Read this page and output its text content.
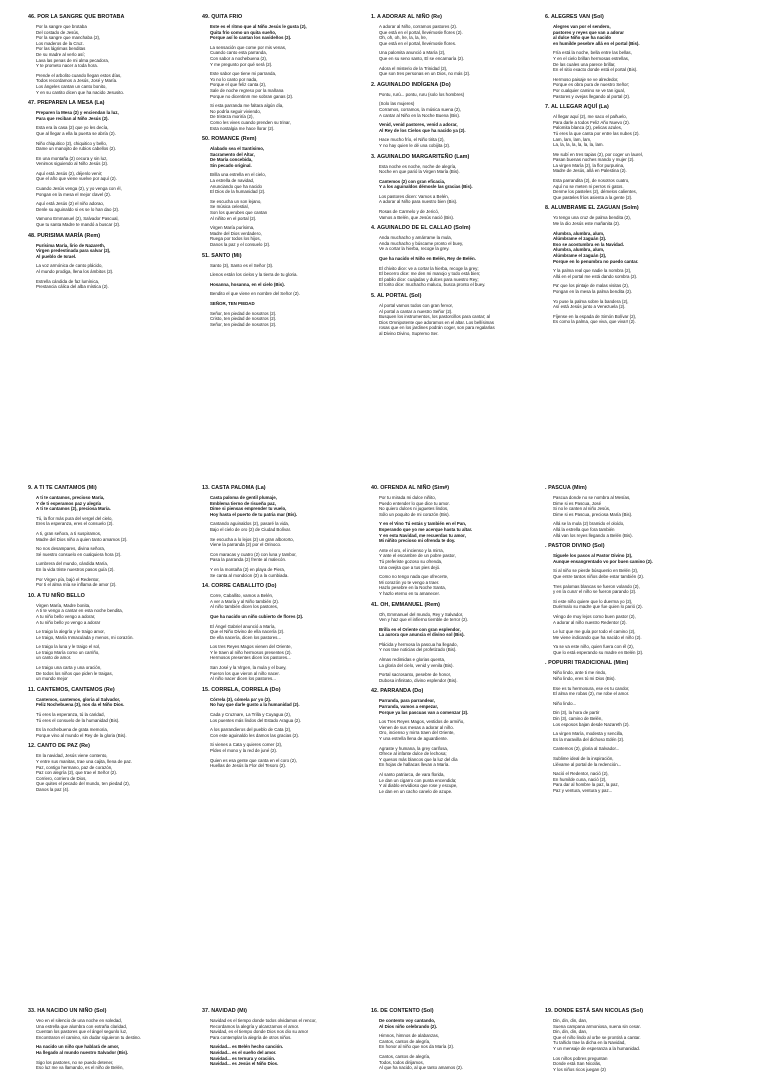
46. POR LA SANGRE QUE BROTABA
Por la sangre que brotaba
Del costado de Jesús,
Por la sangre que manchaba (2),
Los maderos de la Cruz.
Por las lágrimas benditas
De su madre al verlo así;
Lava las penas de mi alma pecadora,
Y te prometo nacer a toda hora.
Prende el arbolito cuando llegan estos días,
Todos recordamos a Jesús, José y María.
Los ángeles cantan un canto bonito,
Y en su cantito dicen que ha nacido Jesusito.
47. PREPAREN LA MESA (La)
Preparen la Mesa (2) y enciendan la luz,
Para que reciban al Niño Jesús (2).
Esta era la casa (2) que yo les decía,
Que al llegar a ella la puerta se abría (2).
Niño chiquitico (2), chiquitico y bello,
Dame un manojito de rubios cabellos (2).
En una montaña (2) cecura y sin luz,
Venimos siguiendo al Niño Jesús (2).
Aquí está Jesús (2), déjenlo venir;
Que el año que viene vuelve por aquí (2).
Cuando Jesús venga (2), y yo venga con él,
Pongan en la mesa el mejor clavel (2).
Aquí está Jesús (2) el niño adorao,
Denle su aguinaldo si es se lo han dao (2).
Vamono Emmanuel (2), Salvador Pascual,
Que tu santa Madre te mandó a buscar (2).
48. PURISIMA MARÍA (Rem)
Purísima María, lirio de Nazareth,
Virgen predestinada para salvar (2),
Al pueblo de Israel.
La voz armónica de canto plácido,
Al mundo prodiga, llena los ámbitos (2).
Estrella cándida de faz lumínica,
Prestancia cálica del alba mística (2).
49. QUITA FRIO
Este es el ritmo que al Niño Jesús le gusta (2),
Quita frío como un quita sueño,
Porque así lo cantan los navideños (2).
La sensación que come por mis venas,
Cuando canto esta parranda,
Con sabor a nochebuena (2),
Y me pregunto por qué será (2).
Este sabor que tiene mi parranda,
Yo no lo canto por nada,
Porque el que feliz canta (2),
Sale de noche regreso por la mañana
Porque no dicentinm me sobran ganas (2).
Si esta parranda me faltara algún día,
No podría seguir viviendo,
De tristeza moriría (2),
Como les vives cuando prenden su trinar,
Esta nostalgia me hace llorar (2).
50. ROMANCE (Rem)
Alabado sea el Santísimo,
Sacramento del Altar,
De María concebida,
Sin pecado original.
Brilla una estrella en el cielo,
La estrella de navidad,
Anunciando que ha nacido
El Dios de la humanidad (2).
Se escucha un son lejano,
Se música celestial,
Son los querubes que cantan
Al niñito en el portal (2).
Virgen María purísima,
Madre del Dios verdadero,
Ruega por todos los hijos,
Danos la paz y el consuelo (2).
51. SANTO (Mi)
Santo (3), Santo es el Señor (3).
Llenos están los cielos y la tierra de tu gloria.
Hosanna, hosanna, en el cielo (Bis).
Bendito el que viene en nombre del Señor (2).
SEÑOR, TEN PIEDAD
Señor, ten piedad de nosotros (2).
Cristo, ten piedad de nosotros (2).
Señor, ten piedad de nosotros (2).
1. A ADORAR AL NIÑO (Re)
A adorar al Niño, corramos pastores (2).
Que está en el portal, llevémosle flores (2).
Oh, oh, oh, lre, la, la, lre,
Que está en el portal, llevémosle flores.
Una palomita anunció a María (2),
Que en su seno santo, El se encarnaría (2).
Adora el misterio de la Trinidad (2),
Que son tres personas en un Dios, no más (2).
2. AGUINALDO INDÍGENA (Do)
Pontu, rurú... pontu, ruru (solo los hombres)
(Solo las mujeres)
Corramos, corramos, la música suena (2),
A cantar al Niño en la Noche Buena (Bis).
Venid, venid pastores, venid a adorar,
Al Rey de los Cielos que ha nacido ya (2).
Hace mucho frío, el Niño tirita (2),
Y no hay quien le dé una cobijita (2).
3. AGUINALDO MARGARITEÑO (Lam)
Esta noche es noche, noche de alegría,
Noche en que parió la Virgen María (Bis).
Cantemos (2) con gran eficacia,
Y a los aguinaldos démosle las gracias (Bis).
Los pastores dicen: Vamos a Belén,
A adorar al Niño para nuestro bien (Bis).
Rosas de Carmelo y de Jericó,
Vamos a Belén, que Jesús nació (Bis).
4. AGUINALDO DE EL CALLAO (Solm)
Anda muchacho y amárrame la mula,
Anda muchacho y búscame pronto el buey,
Ve a cortar la hierba, recoge la grey.
Que ha nacido el Niño en Belén, Rey de Belén.
El chivito dice: ve a cortar la hierba, recoge la grey;
El becerro dice: me den mi manojo y todo está bien;
El pabilo dice: cuajadas y dulces para nuestro Rey;
El torito dice: muchacho malucu, busca pronto el buey.
5. AL PORTAL (Sol)
Al portal vamos todos con gran fervor,
Al portal a cantar a nuestro Señor (2).
Busquen los instrumentos, los pastorcillos para cantar; al
Dios Omnipotente que adoramos en el altar. Los bellísimas
rosas que en los jardines podrán coger, son para regalarlas
al Divino Divino, Supremo Ser.
6. ALEGRES VAN (Sol)
Alegres van por el sendero,
pastores y reyes que van a adorar
al dulce Niño que ha nacido
en humilde pesebre allá en el portal (Bis).
Fría está la noche, bella entre las bellas,
Y en el cielo brillan hermosas estrellas,
De las cuales una parece brillar,
En el sitio exacto donde está el portal (Bis).
Hermoso paisaje se ve alrededor,
Porque es obra pura de nuestro Señor;
Por cualquier camino se ve tan igual,
Pastores y ovejas llegando al portal (2).
7. AL LLEGAR AQUÍ (La)
Al llegar aquí (2), me saco el pañuelo,
Para darle a todos Feliz Año Nuevo (2).
Palomita blanca (2), pelicas azules,
Tú eres la que canta por entre las nubes (2).
Lam, lam, lam, lam,
La, la, la, la, la, la, la, lam.
Me subí en tres tapias (2), por coger un laurel,
Pasan buenas noches mando y mujer (2).
La virgen María (2), la flor purpurina,
Madre de Jesús, allá en Palestina (2).
Esta parrandita (2), de nosotros cuatro,
Aquí no se meten ni perros ni gatos.
Denme los pasteles (2), démelos calientes,
Que pasteles fríos asienta a la gente (2).
8. ALUMBRAME EL ZAGUAN (Solm)
Yo tengo una cruz de palma bendita (2),
Me la dio Jesús este mañanita (2).
Alumbra, alumbra, alum,
Alúmbrame el zaguán (2).
Eso se acostumbra en la Navidad.
Alumbra, alumbra, alum,
Alúmbrame el zaguán (2),
Porque en lo penumbra no puedo cantar.
Y la palma real que nadie la nombra (2),
Allá en el portal me está dando sombra (2).
Pa' que los pintaje de malas visitas (2),
Pongan en la mesa la palma bendita (2).
Yo puse la palma sobre la bandera (2),
Así está Jesús junto a Venezuela (2).
Fíjense en la espada de Simón Bolívar (2),
Es como la palma, que viva, que viva!! (2).
9. A TI TE CANTAMOS (Mi)
A ti te cantamos, precioso María,
Y de ti esperamos paz y alegría
A ti te cantamos (2), preciosa María.
Tú, la flor más pura del vergel del cielo,
Eres la esperanza, eres el consuelo (2).
A ti, gran señora, a ti suspiramos,
Madre del Dios niño a quien tanto amamos (2).
No nos desampares, divina señora,
Sé nuestro consuelo en cualquiera hora (2).
Lumbrera del mundo, cándida María,
En la vida triste nuestros pasos guía (2).
Por Virgen pía, bajó el Redentor,
Por ti el alma mía se inflama de amor (2).
10. A TU NIÑO BELLO
Virgen María, Madre bonita,
A ti te vengo a cantar en esta noche bendita,
A tu niño bello vengo a adorar,
A tu niño bello yo vengo a adorar
Le traigo la alegría y le traigo amor,
Le traigo, María Inmaculada y menos, mi corazón.
Le traigo la luna y le traigo el sol,
Le traigo María como un carriño,
un canto de amor.
Le traigo una carta y una oración,
De todos los niños que piden le traigas,
un mundo mejor
11. CANTEMOS, CANTEMOS (Re)
Cantemos, cantemos, gloria al Salvador,
Feliz Nochebuena (3), nos da el Niño Dios.
Tú eres la esperanza, tú la caridad,
Tú eres el consuelo de la humanidad (Bis).
Es la nochebuena de grata memoria,
Porque vino al mundo el Rey de la gloria (Bis).
12. CANTO DE PAZ (Re)
En la navidad, Jesús viene contento,
Y entre sus manitas, trae una cajita, llena de paz.
Paz, contigo hermano, paz de corazón,
Paz con alegría (2), que trae el Señor (2).
Corriero, corriero de Dios,
Que quites el pecado del mundo, ten piedad (2),
Danos la paz (4).
13. CASTA PALOMA (La)
Casta paloma de gentil plumaje,
Emblema tierno de risueña paz,
Dime si piensas emprender tu vuelo,
Hoy hasta el puerto de tu patria mar (Bis).
Cantando aguinaldos (2), pasaré la vida,
Bajo el cielo de oro (2) de Ciudad Bolívar.
Se escucha a lo lejos (2) un gran albororto,
Viene la parranda (2) por el Orinoco.
Con maracas y cuatro (2) con luna y tambor,
Pasa la parranda (2) frente al malecón.
Y en la montaña (2) en playa de Piera,
Se canta al mondcion (2) a la cumbiada.
14. CORRE CABALLITO (Do)
Corre, Caballito, vamos a Belén,
A ver a María y al Niño también (2).
Al niño también dicen los pastores,
Que ha nacido un niño cubierto de flores (2).
El Ángel Gabriel anunció a María,
Que el Niño Divino de ella nacería (2).
De ella nacería, dicen los pastores...
Los tres Reyes Magos vienen del Oriente,
Y le traen al niño hermosos presentes (2).
Hermosos presentes dicen los pastores...
San José y la Virgen, la mula y el buey,
Fueron los que vieron al niño nacer.
Al niño nacer dicen los pastores...
15. CORRELA, CORRELA (Do)
Córrela (3), cómela pa' yo (2).
No hay que darle gusto a la humanidad (2).
Cada y Cruznare, La Trilla y Cuyagua (2),
Los puentes más lindos del Estado Aragua (2).
A los parrandieros del pueblo de Cata (2),
Con este aguinaldo les damos las gracias (2).
Si vienes a Cata y quieres comer (2),
Pídes el mono y la red de juné (2).
Quien es esa gente que canta en el coro (2),
Huellas de Jesús la Flor del Tesoro (2).
40. OFRENDA AL NIÑO (Sim#)
Por tu mirada mi dulce niñito,
Puedo entender lo que dice tu amor.
No quiero dulces ni juguetes lindos,
Sólo un poquito de mi corazón (Bis).
Y en el Vino Tú estás y también en el Pan,
Esperando que yo me acerque hasta tu altar.
Y en esta Navidad, me recuerdas tu amor,
Mi niñito precioso mi ofrenda te doy.
Ante el oro, el incienso y la mirra,
Y ante el escambre de un pobre pastor,
Tú preferiste gozoso su ofrenda,
Una ovejita que a tus pies dejó.
Como no tengo nada que ofrecerte,
Mi corazón yo te vengo a traer.
Hazlo pesebre en la Noche Santa,
Y hazlo eterno en tu amanecer.
41. OH, EMMANUEL (Rem)
Oh, Emmanuel del mundo, Rey y Salvador,
Ven y haz que el infierno tiemble de terror (2).
Brilla en el Oriente con gran esplendor,
La aurora que anuncia el divino sol (Bis).
Plácida y hermosa la pascua ha llegado,
Y nos trae noticias del profetizado (Bis).
Almas redimidas e glorias quenta,
La gloria del cielo, venid y venila (Bis).
Portal sacrosanto, pesebre de honor,
Dubosa infinitato, divino esplendor (Bis).
42. PARRANDA (Do)
Parranda, para parrandear,
Parranda, vamos a empezar,
Porque ya las pascuas van a comenzar (2).
Los Tres Reyes Magos, vestidos de armiño,
Vienen de sus mesas a adorar al niño.
Oro, incienso y mirra traen del Oriente,
Y una estrella llena de aguardiente.
Agraste y humana, la grey carifosa,
Ofrece al infante dulce de lechosa;
Y quesos más blancos que la luz del día
En hojas de hallacas llevan a María.
Al santo patriarca, de vara florida,
Le dan un cigarro con punta encendida;
Y al diablo envidioso que rose y escupe,
Le dan en un cacho canelo de azupe.
. PASCUA (Mim)
Pascua donde no se nombra al Mesías,
Dime si es Pascua, José
Si no le canten al niño Jesús,
Dime si es Pascua, preciosa María (Bis).
Allá se la mula (2) bramido el oloído,
Allá la estrella que fora también
Allá van los reyes llegando a Belén (Bis).
. PASTOR DIVINO (Sol)
Siguele los pasos al Pastor Divino (2),
Aunque ensangrentado vo por buen camino (2).
Si al niño se pierde búsquenlo en Belén (2),
Que entre tantos niños debe estar también (2).
Tres palomas blancas se fueron volando (2),
y en la cuna' el niño se fueron parando (2).
Si este niño quiere que lo duerma yo (2),
Duérmalo su madre que fue quien lo parió (2).
Véngo de muy lejos como buen pastor (2),
A adorar al niño nuestro Redentor (2).
Le luz que me guía por todo el camino (2),
Me viene indicando que ha nacido el niño (2).
Ya se va este niño, quien fuera con él (2),
Que lo está esperando su madre en Belén (2).
. POPURRI TRADICIONAL (Mim)
Niño lindo, ante ti me rindo,
Niño lindo, eres tú mi Dios (Bis).
Ese es tu hermosura, ese es tu candor,
El alma me robas (2), me robe el amor.
Niño lindo...
Din (3), la hora de partir
Din (3), camino de Belén,
Los esposos bajan desde Nazareth (2).
La virgen María, modesta y sencilla,
Es la maravilla del dichoso Edén (2).
Cantemos (2), gloria al Salvador...
Sublime ideal de la inspiración,
Llévame al portal de la redención...
Nació el Redentor, nació (2),
En humilde cuna, nació (2),
Para dar al hombre la paz, la paz,
Paz y ventura, ventura y paz...
33. HA NACIDO UN NIÑO (Sol)
Veo en el silencio de una noche en soledad,
Una estrella que alumbra con extraña claridad,
Cuentan los pastores que el ángel segunlo luz,
Encontraron el camino, sin dudar siguieron tu destino.
Ha nacido un niño que hablará de amor,
Ha llegado al mundo nuestro Salvador (Bis).
Sigo los pastores, no se puedo detener,
Eso luz me va llamando, es el niño de Belén,
37. NAVIDAD (Mi)
Navidad es el tiempo donde todos olvidamos el rencor,
Recordamos la alegría y alcanzamos el amor.
Navidad, es el tiempo donde Dios nos dio su amor
Para contemplar la alegría de otros niños.
Navidad... es Belén hecho canción.
Navidad... es el sueño del amor.
Navidad... es ternura y oración.
Navidad... es Jesús el Niño Dios.
16. DE CONTENTO (Sol)
De contento voy cantando,
Al Dios niño celebrando (2).
Himnos, himnos de alabanzas,
Cantos, cantos de alegría,
En honor al niño que nos da María (2).
Cantos, cantos de alegría,
Todos, todos dirijamos,
Al que ha nacido, al que tanto amamos (2).
19. DONDE ESTÁ SAN NICOLAS (Sol)
Din, din, din, dan,
Suena campana armoniosa, suena sin cesar.
Din, din, din, dan,
Que el niño lindo al orbe se prontirá a cantar.
Tu tañido trae la dicha en la Navidad,
Y un mensaje de esperanza a la humanidad.
Los niños pobres preguntan
Donde está San Nicolás,
Y los niños ricos juegan (2)
